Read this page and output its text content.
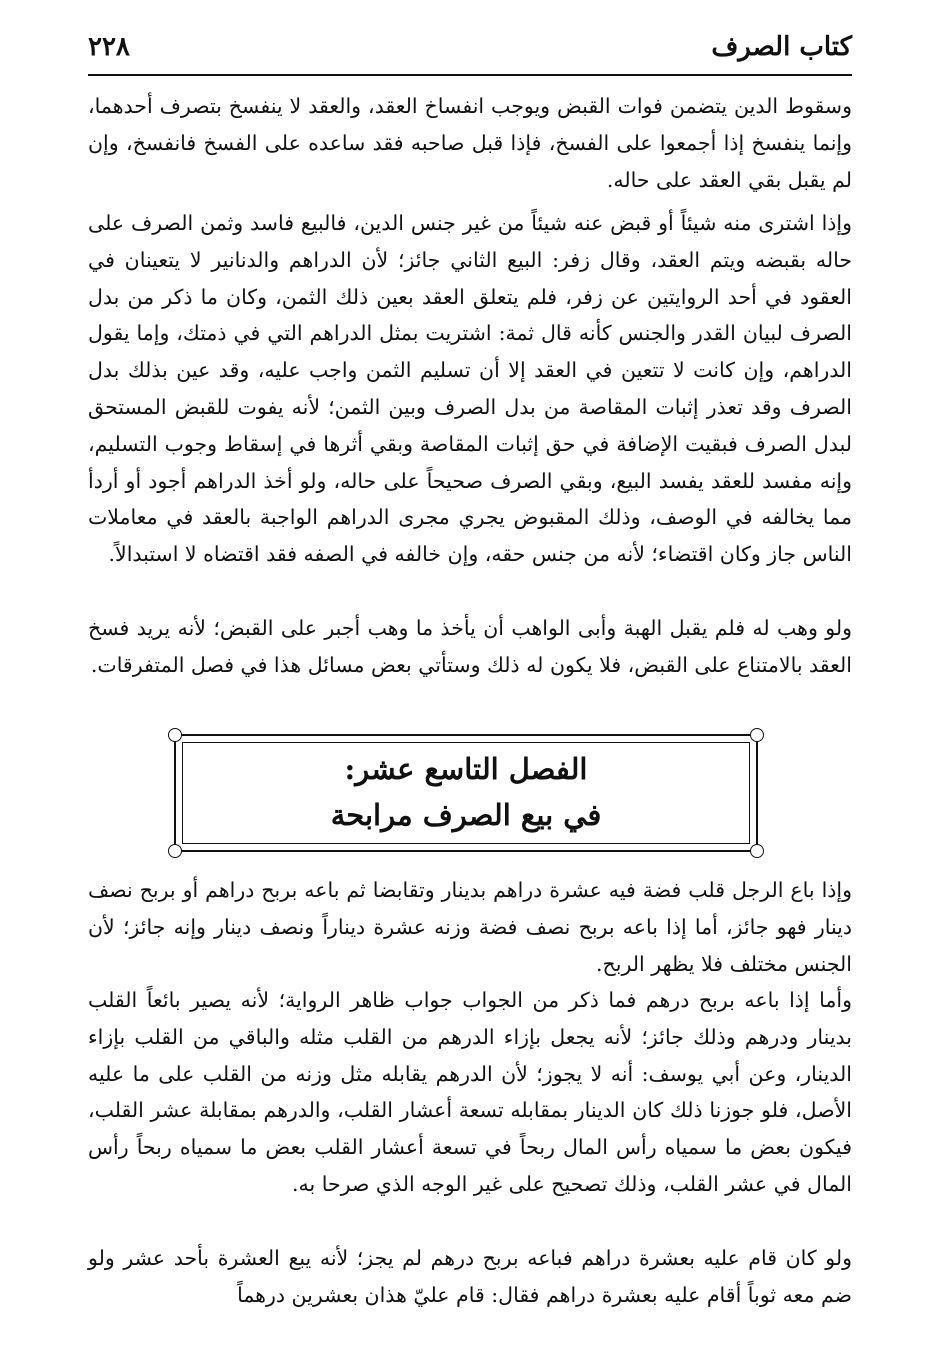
كتاب الصرف
٢٢٨

وسقوط الدين يتضمن فوات القبض ويوجب انفساخ العقد، والعقد لا ينفسخ بتصرف أحدهما، وإنما ينفسخ إذا أجمعوا على الفسخ، فإذا قبل صاحبه فقد ساعده على الفسخ فانفسخ، وإن لم يقبل بقي العقد على حاله.

وإذا اشترى منه شيئاً أو قبض عنه شيئاً من غير جنس الدين، فالبيع فاسد وثمن الصرف على حاله بقبضه ويتم العقد، وقال زفر: البيع الثاني جائز؛ لأن الدراهم والدنانير لا يتعينان في العقود في أحد الروايتين عن زفر، فلم يتعلق العقد بعين ذلك الثمن، وكان ما ذكر من بدل الصرف لبيان القدر والجنس كأنه قال ثمة: اشتريت بمثل الدراهم التي في ذمتك، وإما يقول الدراهم، وإن كانت لا تتعين في العقد إلا أن تسليم الثمن واجب عليه، وقد عين بذلك بدل الصرف وقد تعذر إثبات المقاصة من بدل الصرف وبين الثمن؛ لأنه يفوت للقبض المستحق لبدل الصرف فبقيت الإضافة في حق إثبات المقاصة وبقي أثرها في إسقاط وجوب التسليم، وإنه مفسد للعقد يفسد البيع، وبقي الصرف صحيحاً على حاله، ولو أخذ الدراهم أجود أو أردأ مما يخالفه في الوصف، وذلك المقبوض يجري مجرى الدراهم الواجبة بالعقد في معاملات الناس جاز وكان اقتضاء؛ لأنه من جنس حقه، وإن خالفه في الصفه فقد اقتضاه لا استبدالاً.

ولو وهب له فلم يقبل الهبة وأبى الواهب أن يأخذ ما وهب أجبر على القبض؛ لأنه يريد فسخ العقد بالامتناع على القبض، فلا يكون له ذلك وستأتي بعض مسائل هذا في فصل المتفرقات.

الفصل التاسع عشر:
في بيع الصرف مرابحة

وإذا باع الرجل قلب فضة فيه عشرة دراهم بدينار وتقابضا ثم باعه بربح دراهم أو بربح نصف دينار فهو جائز، أما إذا باعه بربح نصف فضة وزنه عشرة ديناراً ونصف دينار وإنه جائز؛ لأن الجنس مختلف فلا يظهر الربح.

وأما إذا باعه بربح درهم فما ذكر من الجواب جواب ظاهر الرواية؛ لأنه يصير بائعاً القلب بدينار ودرهم وذلك جائز؛ لأنه يجعل بإزاء الدرهم من القلب مثله والباقي من القلب بإزاء الدينار، وعن أبي يوسف: أنه لا يجوز؛ لأن الدرهم يقابله مثل وزنه من القلب على ما عليه الأصل، فلو جوزنا ذلك كان الدينار بمقابله تسعة أعشار القلب، والدرهم بمقابلة عشر القلب، فيكون بعض ما سمياه رأس المال ربحاً في تسعة أعشار القلب بعض ما سمياه ربحاً رأس المال في عشر القلب، وذلك تصحيح على غير الوجه الذي صرحا به.

ولو كان قام عليه بعشرة دراهم فباعه بربح درهم لم يجز؛ لأنه يبع العشرة بأحد عشر ولو ضم معه ثوباً أقام عليه بعشرة دراهم فقال: قام عليّ هذان بعشرين درهماً
